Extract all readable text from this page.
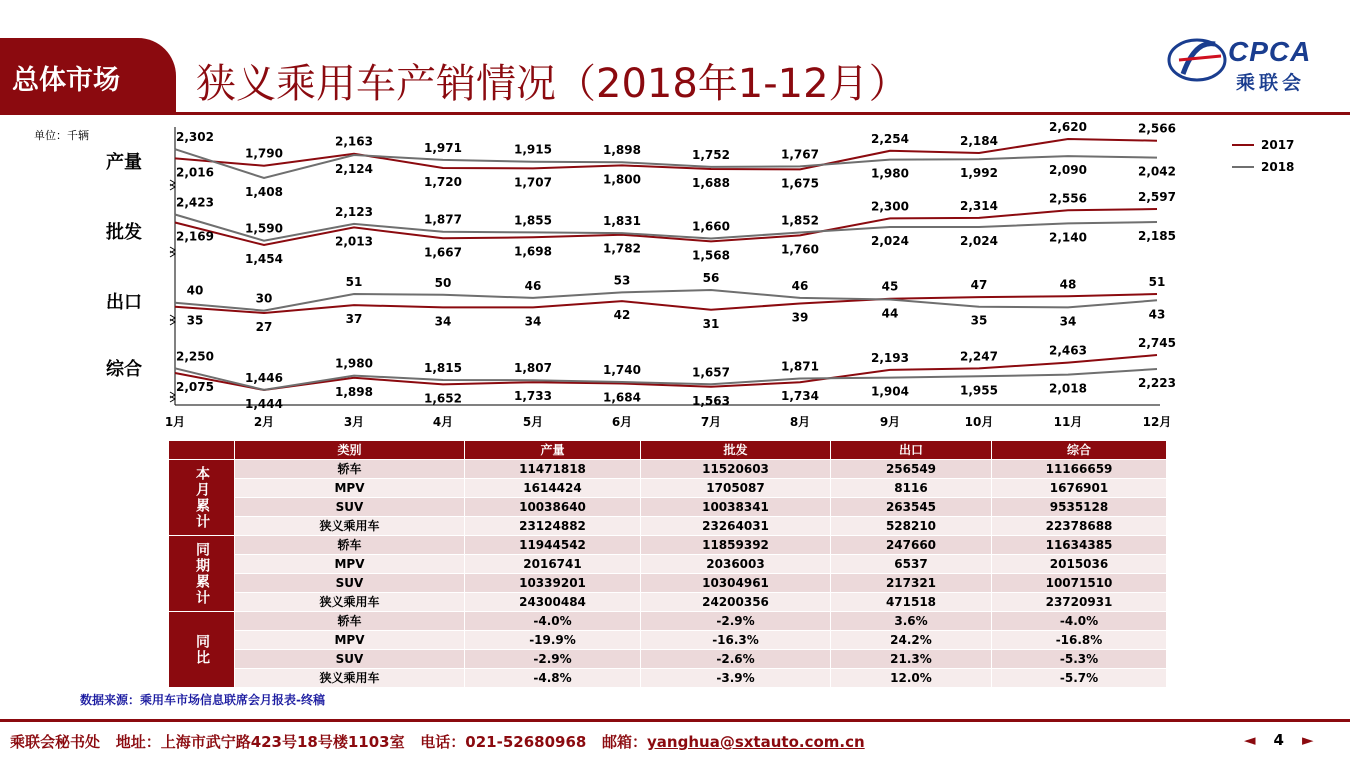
总体市场 狭义乘用车产销情况（2018年1-12月）
CPCA
乘联会
单位：千辆
产量	2,016
2,302
1,790
1,408
2,163
2,124
1,720
1,971
1,707
1,915
1,800
1,898
1,688
1,752
1,675
1,767
2,254
1,980
2,184
1,992
2,620
2,090
2,566
2,042
批发	2,169
2,423
1,454
1,590
2,013
2,123
1,667
1,877
1,698
1,855
1,782
1,831
1,568
1,660
1,760
1,852
2,300
2,024
2,314
2,024
2,556
2,140
2,597
2,185
出口
35
40
27
30
37
51
34
50
34
46
42
53
31
56
39
46	45
44
47
35
48
34
51
43
综合
2,075
2,250
1,444
1,446
1,898
1,980
1,652
1,815
1,733
1,807
1,684
1,740
1,563
1,657
1,734
1,871
2,193
1,904
2,247
1,955
2,463
2,018
2,745
2,223
1月	2月	3月	4月	5月	6月	7月	8月	9月	10月	11月	12月
2017
2018
	类别	产量	批发	出口	综合
本月累计	轿车	11471818	11520603	256549	11166659
	MPV	1614424	1705087	8116	1676901
	SUV	10038640	10038341	263545	9535128
	狭义乘用车	23124882	23264031	528210	22378688
同期累计	轿车	11944542	11859392	247660	11634385
	MPV	2016741	2036003	6537	2015036
	SUV	10339201	10304961	217321	10071510
	狭义乘用车	24300484	24200356	471518	23720931
同比	轿车	-4.0%	-2.9%	3.6%	-4.0%
	MPV	-19.9%	-16.3%	24.2%	-16.8%
	SUV	-2.9%	-2.6%	21.3%	-5.3%
	狭义乘用车	-4.8%	-3.9%	12.0%	-5.7%
数据来源：乘用车市场信息联席会月报表-终稿
乘联会秘书处 地址：上海市武宁路423号18号楼1103室 电话：021-52680968 邮箱：yanghua@sxtauto.com.cn	◄ 4 ►
